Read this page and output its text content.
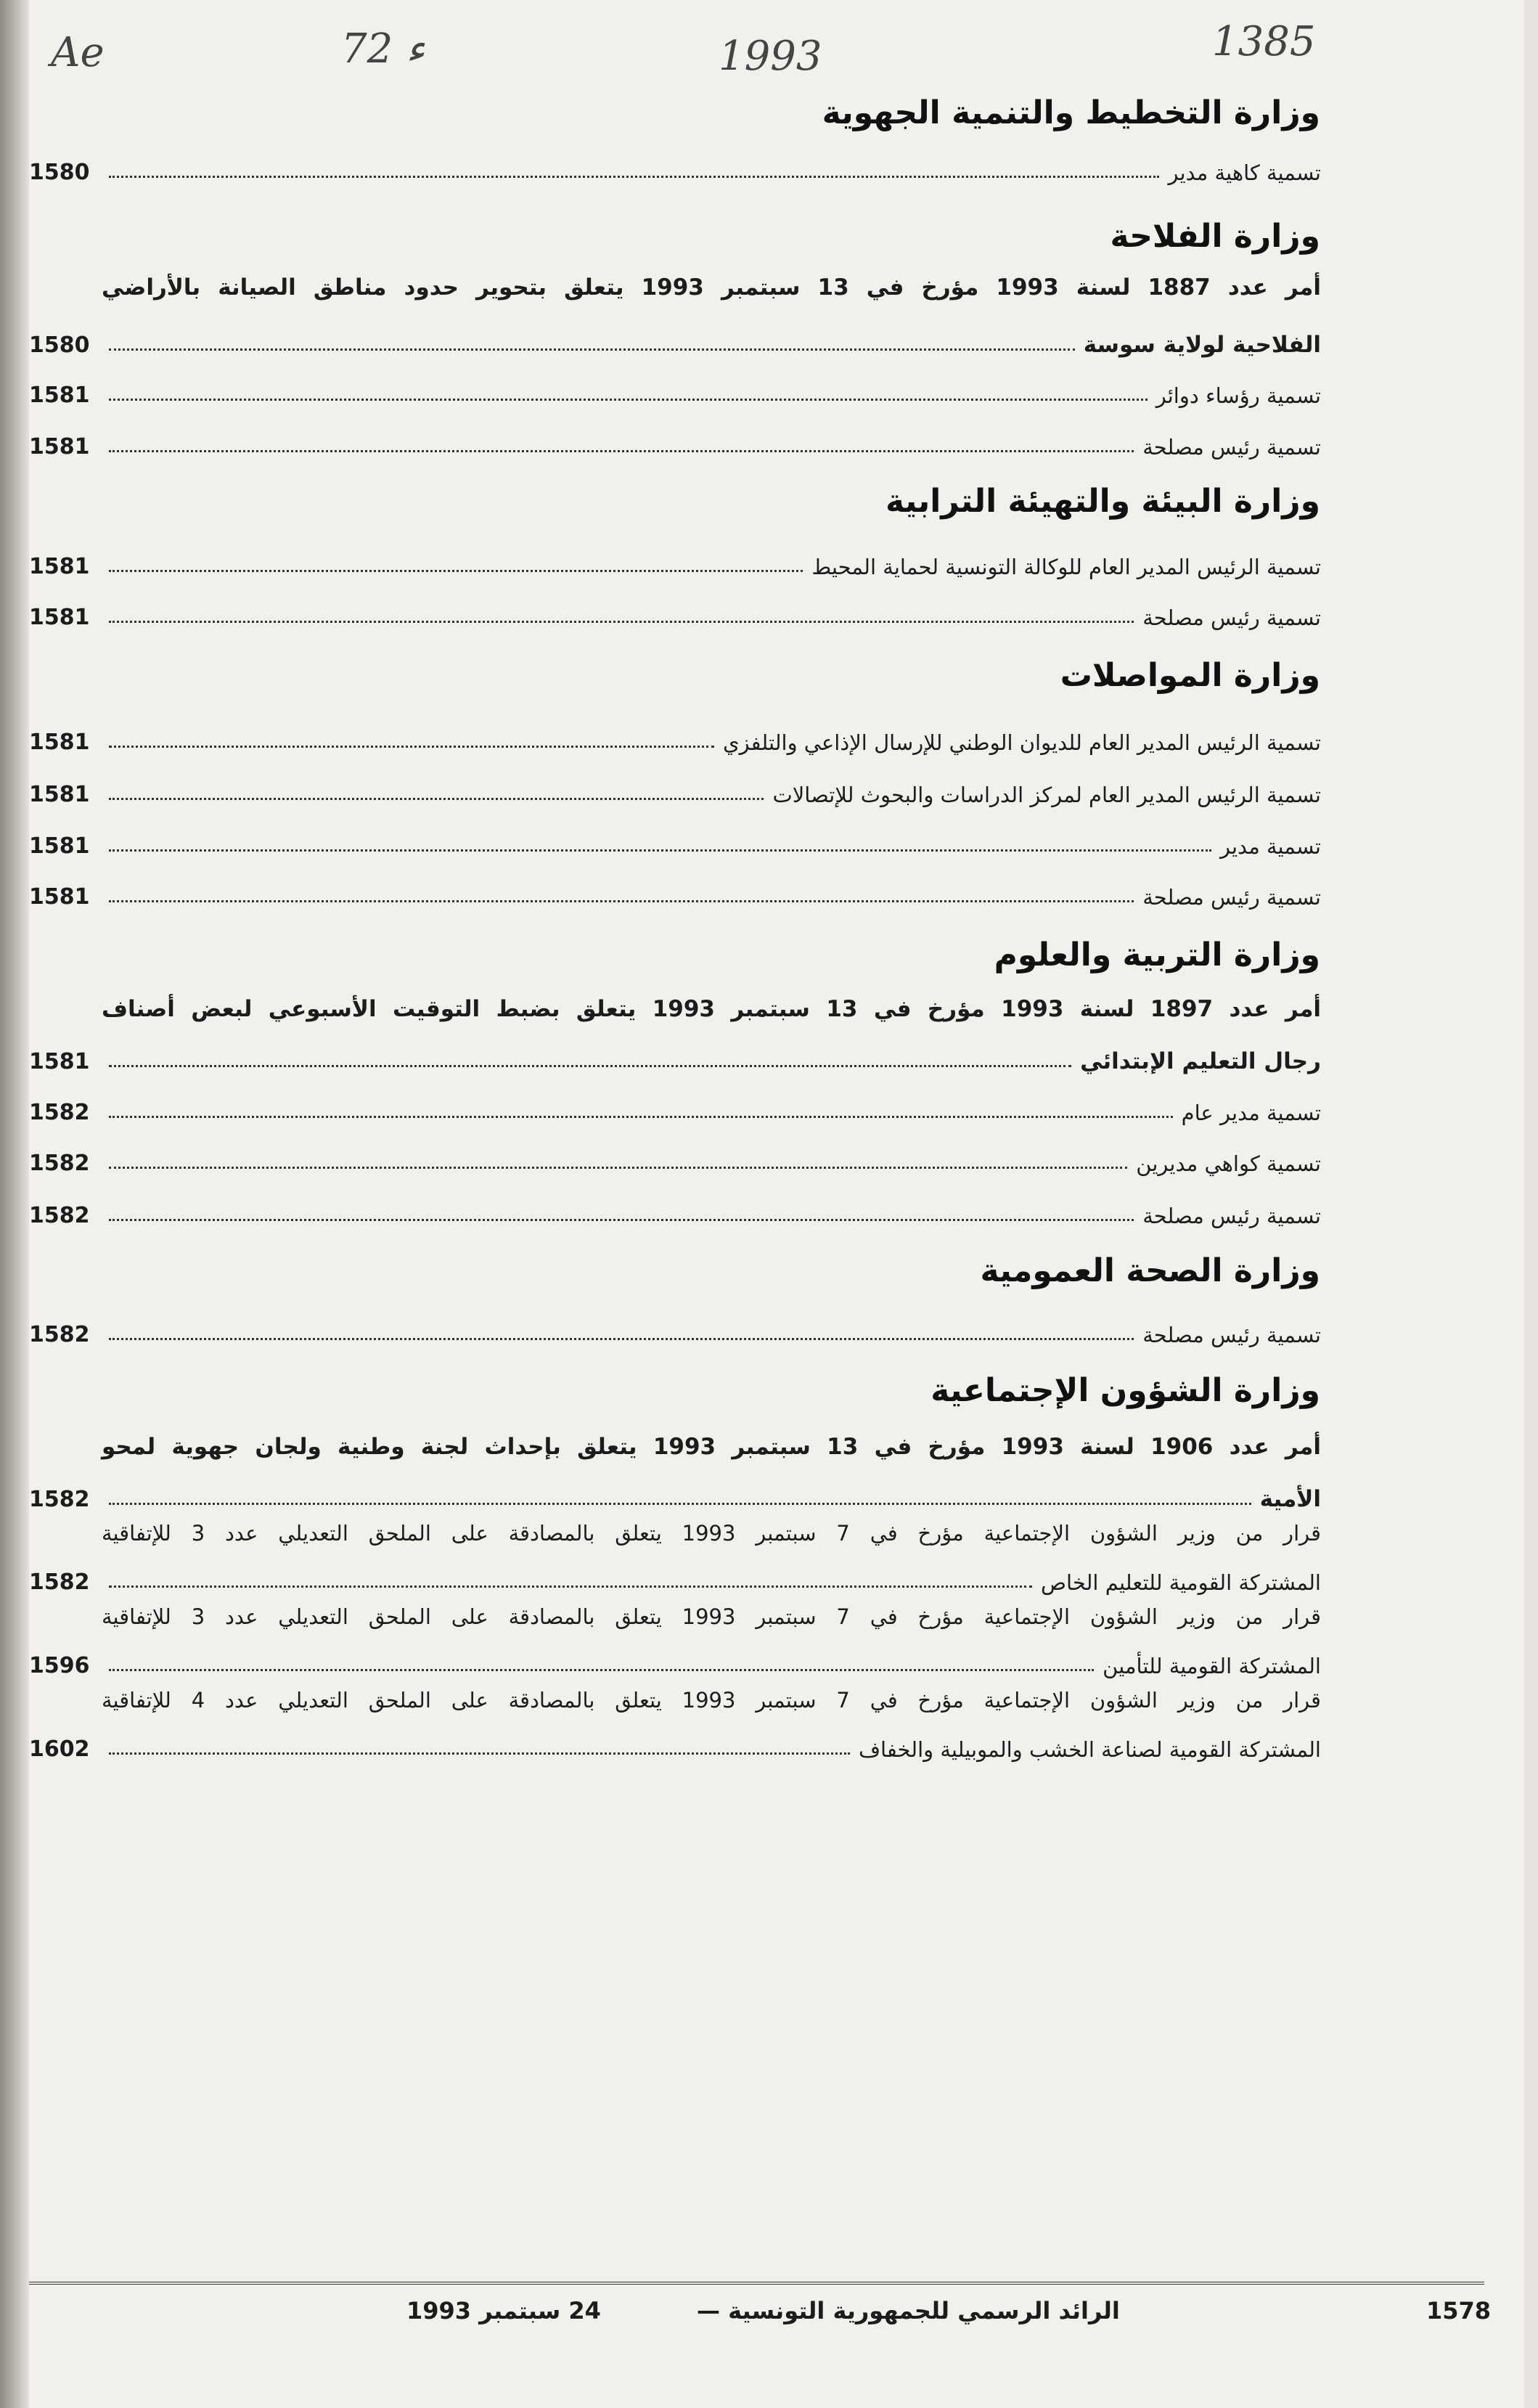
Ae	72 ء	1993	1385
وزارة التخطيط والتنمية الجهوية
1580	تسمية كاهية مدير
وزارة الفلاحة
أمر عدد 1887 لسنة 1993 مؤرخ في 13 سبتمبر 1993 يتعلق بتحوير حدود مناطق الصيانة بالأراضي
1580	الفلاحية لولاية سوسة
1581	تسمية رؤساء دوائر
1581	تسمية رئيس مصلحة
وزارة البيئة والتهيئة الترابية
1581	تسمية الرئيس المدير العام للوكالة التونسية لحماية المحيط
1581	تسمية رئيس مصلحة
وزارة المواصلات
1581	تسمية الرئيس المدير العام للديوان الوطني للإرسال الإذاعي والتلفزي
1581	تسمية الرئيس المدير العام لمركز الدراسات والبحوث للإتصالات
1581	تسمية مدير
1581	تسمية رئيس مصلحة
وزارة التربية والعلوم
أمر عدد 1897 لسنة 1993 مؤرخ في 13 سبتمبر 1993 يتعلق بضبط التوقيت الأسبوعي لبعض أصناف
1581	رجال التعليم الإبتدائي
1582	تسمية مدير عام
1582	تسمية كواهي مديرين
1582	تسمية رئيس مصلحة
وزارة الصحة العمومية
1582	تسمية رئيس مصلحة
وزارة الشؤون الإجتماعية
أمر عدد 1906 لسنة 1993 مؤرخ في 13 سبتمبر 1993 يتعلق بإحداث لجنة وطنية ولجان جهوية لمحو
1582	الأمية
قرار من وزير الشؤون الإجتماعية مؤرخ في 7 سبتمبر 1993 يتعلق بالمصادقة على الملحق التعديلي عدد 3 للإتفاقية
1582	المشتركة القومية للتعليم الخاص
قرار من وزير الشؤون الإجتماعية مؤرخ في 7 سبتمبر 1993 يتعلق بالمصادقة على الملحق التعديلي عدد 3 للإتفاقية
1596	المشتركة القومية للتأمين
قرار من وزير الشؤون الإجتماعية مؤرخ في 7 سبتمبر 1993 يتعلق بالمصادقة على الملحق التعديلي عدد 4 للإتفاقية
1602	المشتركة القومية لصناعة الخشب والموبيلية والخفاف
24 سبتمبر 1993	الرائد الرسمي للجمهورية التونسية —	1578
